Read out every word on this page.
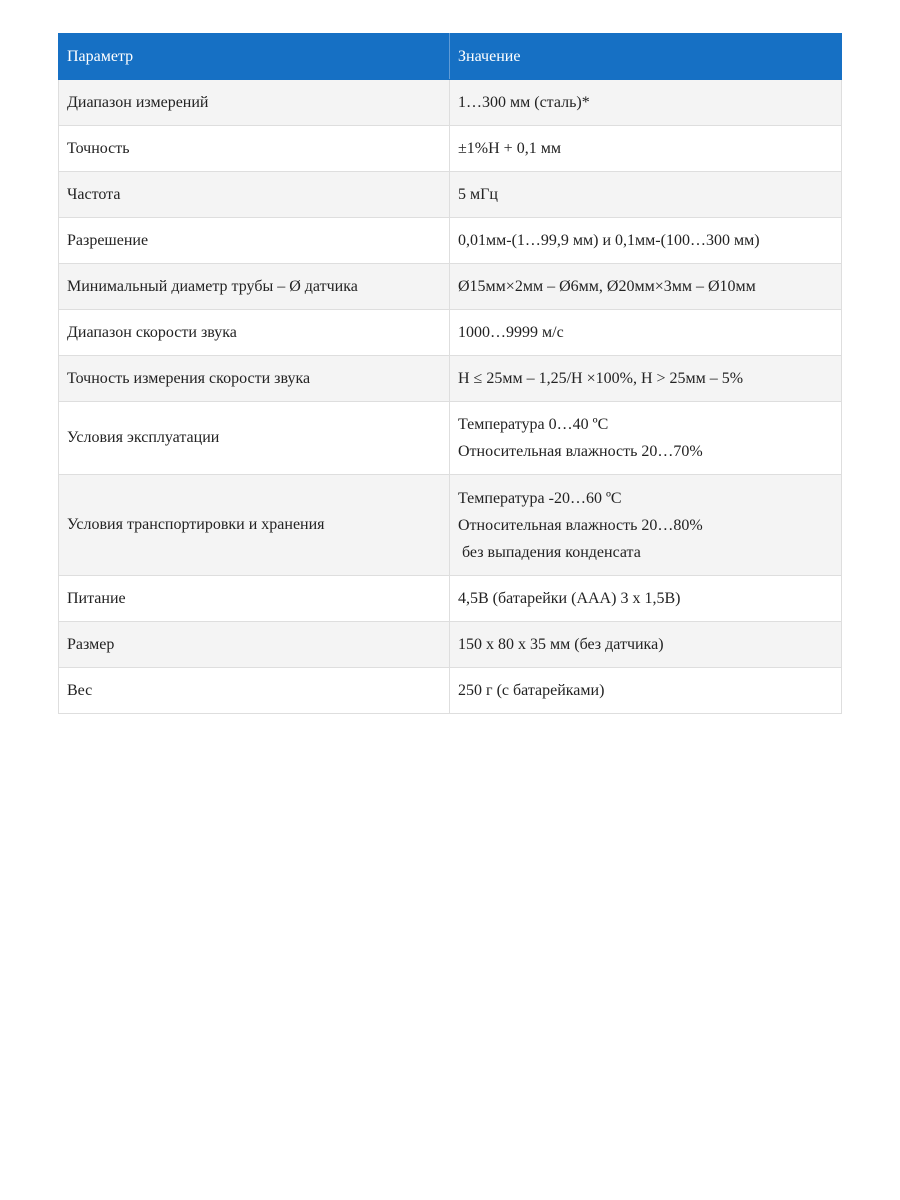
Параметр	Значение
Диапазон измерений	1…300 мм (сталь)*

Точность	±1%H + 0,1 мм

Частота	5 мГц

Разрешение	0,01мм-(1…99,9 мм) и 0,1мм-(100…300 мм)

Минимальный диаметр трубы – Ø датчика	Ø15мм×2мм – Ø6мм, Ø20мм×3мм – Ø10мм

Диапазон скорости звука	1000…9999 м/с

Точность измерения скорости звука	H ≤ 25мм – 1,25/H ×100%, H > 25мм – 5%

Условия эксплуатации	Температура 0…40 ºC
Относительная влажность 20…70%

Условия транспортировки и хранения	Температура -20…60 ºC
Относительная влажность 20…80%
без выпадения конденсата

Питание	4,5В (батарейки (AAA) 3 х 1,5В)

Размер	150 х 80 х 35 мм (без датчика)

Вес	250 г (с батарейками)
